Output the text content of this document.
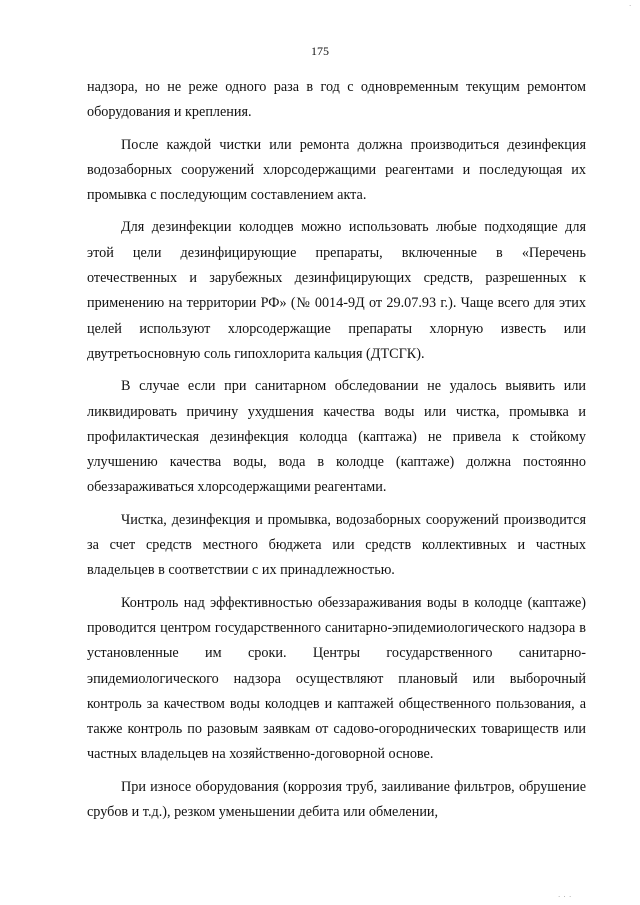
.
175

надзора, но не реже одного раза в год с одновременным текущим ремонтом оборудования и крепления.

После каждой чистки или ремонта должна производиться дезинфекция водозаборных сооружений хлорсодержащими реагентами и последующая их промывка с последующим составлением акта.

Для дезинфекции колодцев можно использовать любые подходящие для этой цели дезинфицирующие препараты, включенные в «Перечень отечественных и зарубежных дезинфицирующих средств, разрешенных к применению на территории РФ» (№ 0014-9Д от 29.07.93 г.). Чаще всего для этих целей используют хлорсодержащие препараты хлорную известь или двутретьосновную соль гипохлорита кальция (ДТСГК).

В случае если при санитарном обследовании не удалось выявить или ликвидировать причину ухудшения качества воды или чистка, промывка и профилактическая дезинфекция колодца (каптажа) не привела к стойкому улучшению качества воды, вода в колодце (каптаже) должна постоянно обеззараживаться хлорсодержащими реагентами.

Чистка, дезинфекция и промывка, водозаборных сооружений производится за счет средств местного бюджета или средств коллективных и частных владельцев в соответствии с их принадлежностью.

Контроль над эффективностью обеззараживания воды в колодце (каптаже) проводится центром государственного санитарно-эпидемиологического надзора в установленные им сроки. Центры государственного санитарно-эпидемиологического надзора осуществляют плановый или выборочный контроль за качеством воды колодцев и каптажей общественного пользования, а также контроль по разовым заявкам от садово-огороднических товариществ или частных владельцев на хозяйственно-договорной основе.

При износе оборудования (коррозия труб, заиливание фильтров, обрушение срубов и т.д.), резком уменьшении дебита или обмелении,

. . .
